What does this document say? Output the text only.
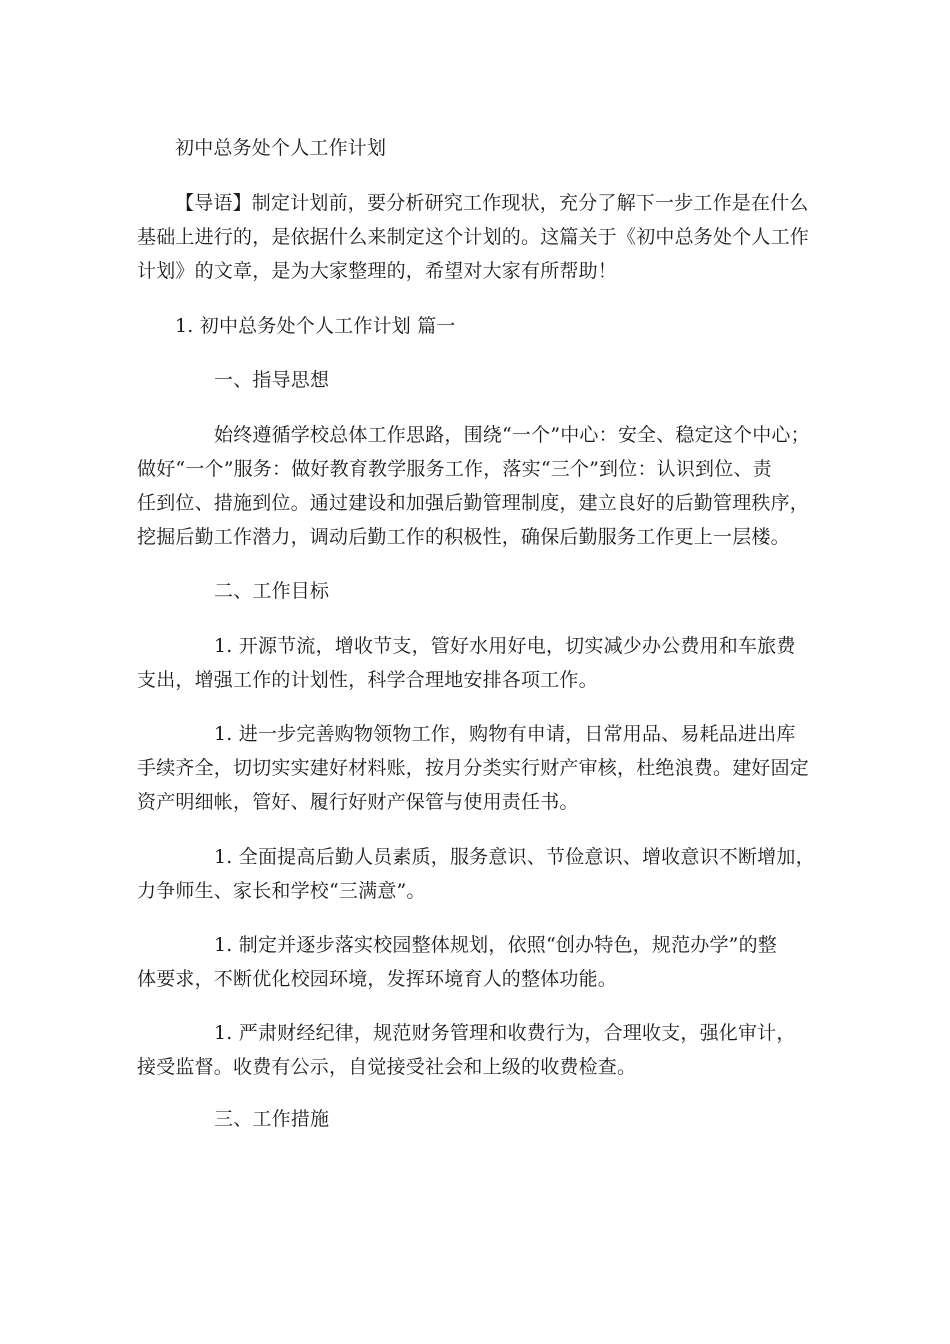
初中总务处个人工作计划
【导语】制定计划前，要分析研究工作现状，充分了解下一步工作是在什么
基础上进行的，是依据什么来制定这个计划的。这篇关于《初中总务处个人工作
计划》的文章，是为大家整理的，希望对大家有所帮助！
1. 初中总务处个人工作计划 篇一
一、指导思想
始终遵循学校总体工作思路，围绕“一个”中心：安全、稳定这个中心；
做好“一个”服务：做好教育教学服务工作，落实“三个”到位：认识到位、责
任到位、措施到位。通过建设和加强后勤管理制度，建立良好的后勤管理秩序，
挖掘后勤工作潜力，调动后勤工作的积极性，确保后勤服务工作更上一层楼。
二、工作目标
1. 开源节流，增收节支，管好水用好电，切实减少办公费用和车旅费
支出，增强工作的计划性，科学合理地安排各项工作。
1. 进一步完善购物领物工作，购物有申请，日常用品、易耗品进出库
手续齐全，切切实实建好材料账，按月分类实行财产审核，杜绝浪费。建好固定
资产明细帐，管好、履行好财产保管与使用责任书。
1. 全面提高后勤人员素质，服务意识、节俭意识、增收意识不断增加，
力争师生、家长和学校“三满意”。
1. 制定并逐步落实校园整体规划，依照“创办特色，规范办学”的整
体要求，不断优化校园环境，发挥环境育人的整体功能。
1. 严肃财经纪律，规范财务管理和收费行为，合理收支，强化审计，
接受监督。收费有公示，自觉接受社会和上级的收费检查。
三、工作措施
